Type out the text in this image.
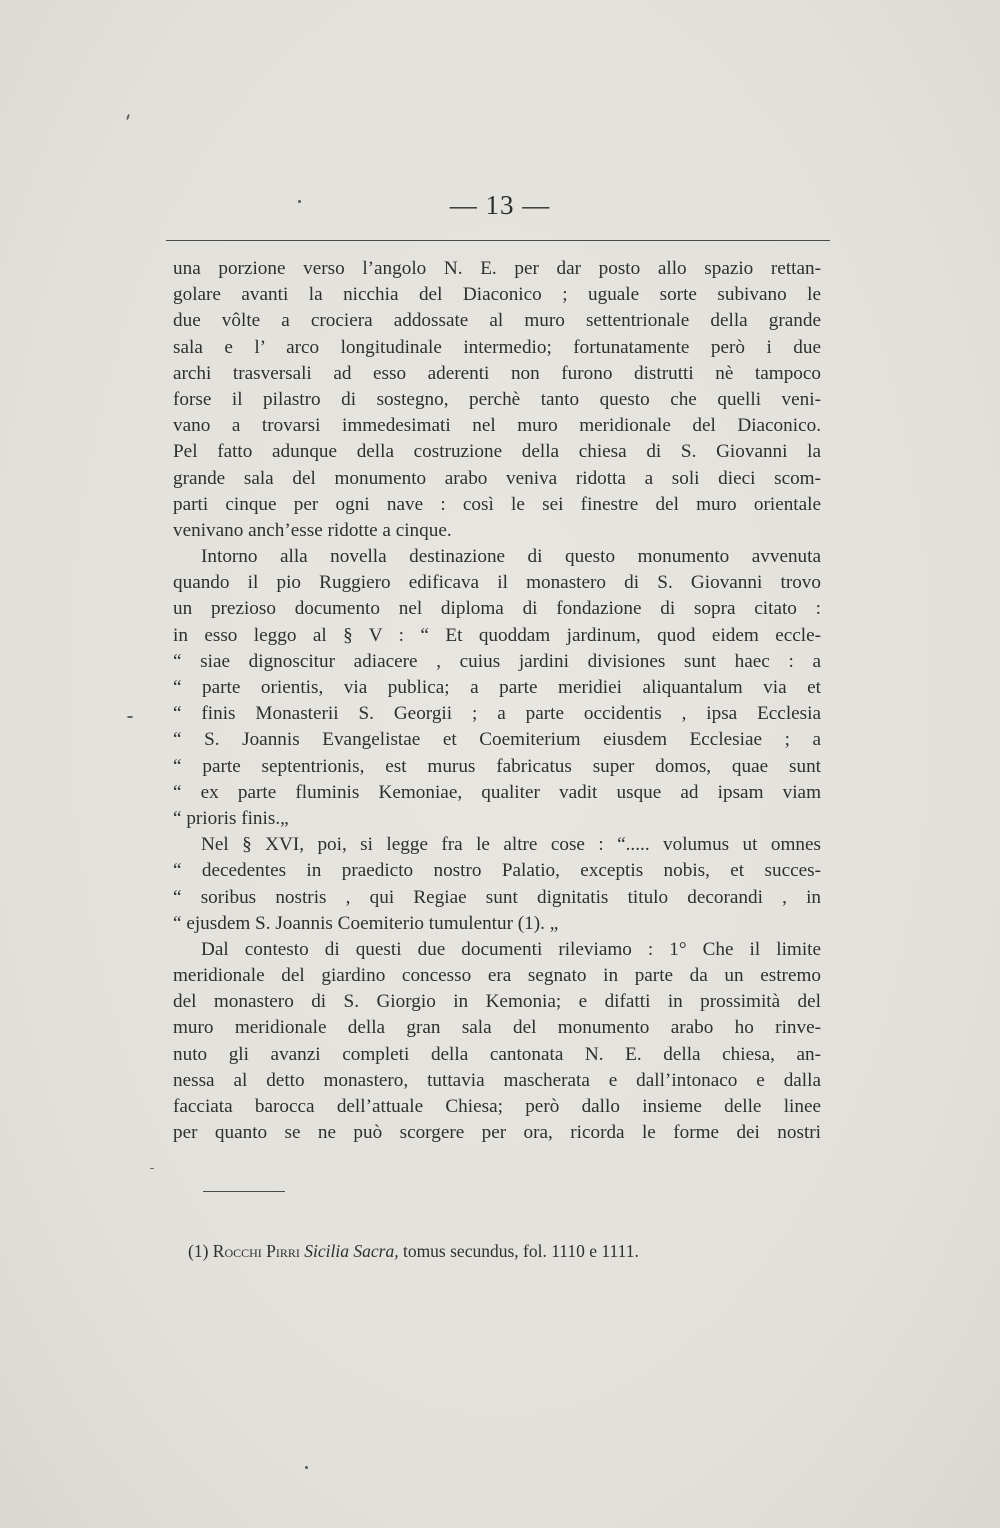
— 13 —
una porzione verso l’angolo N. E. per dar posto allo spazio rettan-
golare avanti la nicchia del Diaconico ; uguale sorte subivano le
due vôlte a crociera addossate al muro settentrionale della grande
sala e l’ arco longitudinale intermedio; fortunatamente però i due
archi trasversali ad esso aderenti non furono distrutti nè tampoco
forse il pilastro di sostegno, perchè tanto questo che quelli veni-
vano a trovarsi immedesimati nel muro meridionale del Diaconico.
Pel fatto adunque della costruzione della chiesa di S. Giovanni la
grande sala del monumento arabo veniva ridotta a soli dieci scom-
parti cinque per ogni nave : così le sei finestre del muro orientale
venivano anch’esse ridotte a cinque.
Intorno alla novella destinazione di questo monumento avvenuta
quando il pio Ruggiero edificava il monastero di S. Giovanni trovo
un prezioso documento nel diploma di fondazione di sopra citato :
in esso leggo al § V : “ Et quoddam jardinum, quod eidem eccle-
“ siae dignoscitur adiacere , cuius jardini divisiones sunt haec : a
“ parte orientis, via publica; a parte meridiei aliquantalum via et
“ finis Monasterii S. Georgii ; a parte occidentis , ipsa Ecclesia
“ S. Joannis Evangelistae et Coemiterium eiusdem Ecclesiae ; a
“ parte septentrionis, est murus fabricatus super domos, quae sunt
“ ex parte fluminis Kemoniae, qualiter vadit usque ad ipsam viam
“ prioris finis.„
Nel § XVI, poi, si legge fra le altre cose : “..... volumus ut omnes
“ decedentes in praedicto nostro Palatio, exceptis nobis, et succes-
“ soribus nostris , qui Regiae sunt dignitatis titulo decorandi , in
“ ejusdem S. Joannis Coemiterio tumulentur (1). „
Dal contesto di questi due documenti rileviamo : 1° Che il limite
meridionale del giardino concesso era segnato in parte da un estremo
del monastero di S. Giorgio in Kemonia; e difatti in prossimità del
muro meridionale della gran sala del monumento arabo ho rinve-
nuto gli avanzi completi della cantonata N. E. della chiesa, an-
nessa al detto monastero, tuttavia mascherata e dall’intonaco e dalla
facciata barocca dell’attuale Chiesa; però dallo insieme delle linee
per quanto se ne può scorgere per ora, ricorda le forme dei nostri
(1) Rocchi Pirri Sicilia Sacra, tomus secundus, fol. 1110 e 1111.
